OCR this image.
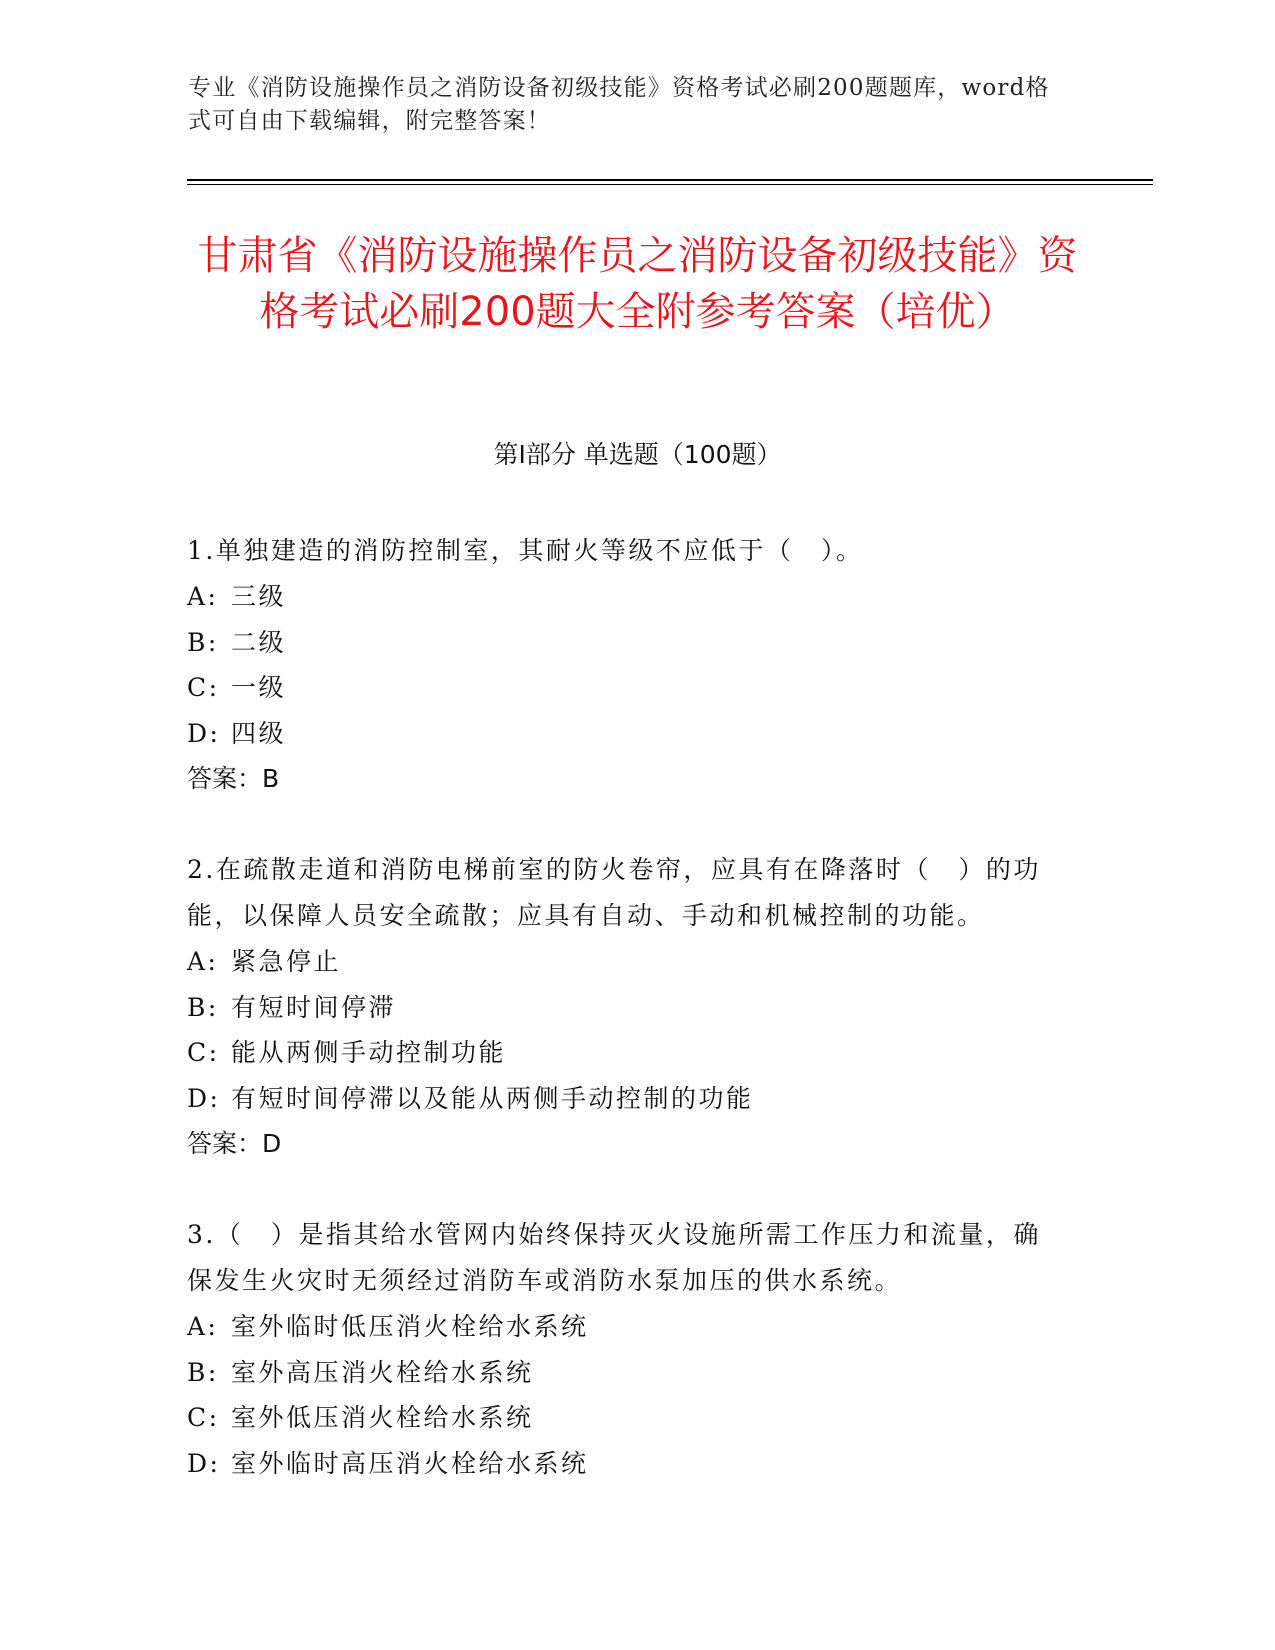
专业《消防设施操作员之消防设备初级技能》资格考试必刷200题题库，word格式可自由下载编辑，附完整答案！
甘肃省《消防设施操作员之消防设备初级技能》资格考试必刷200题大全附参考答案（培优）
第Ⅰ部分 单选题（100题）

1.单独建造的消防控制室，其耐火等级不应低于（　）。

A: 三级

B: 二级

C: 一级

D: 四级

答案：B

2.在疏散走道和消防电梯前室的防火卷帘，应具有在降落时（　）的功能，以保障人员安全疏散；应具有自动、手动和机械控制的功能。

A: 紧急停止

B: 有短时间停滞

C: 能从两侧手动控制功能

D: 有短时间停滞以及能从两侧手动控制的功能

答案：D

3.（　）是指其给水管网内始终保持灭火设施所需工作压力和流量，确保发生火灾时无须经过消防车或消防水泵加压的供水系统。

A: 室外临时低压消火栓给水系统

B: 室外高压消火栓给水系统

C: 室外低压消火栓给水系统

D: 室外临时高压消火栓给水系统
